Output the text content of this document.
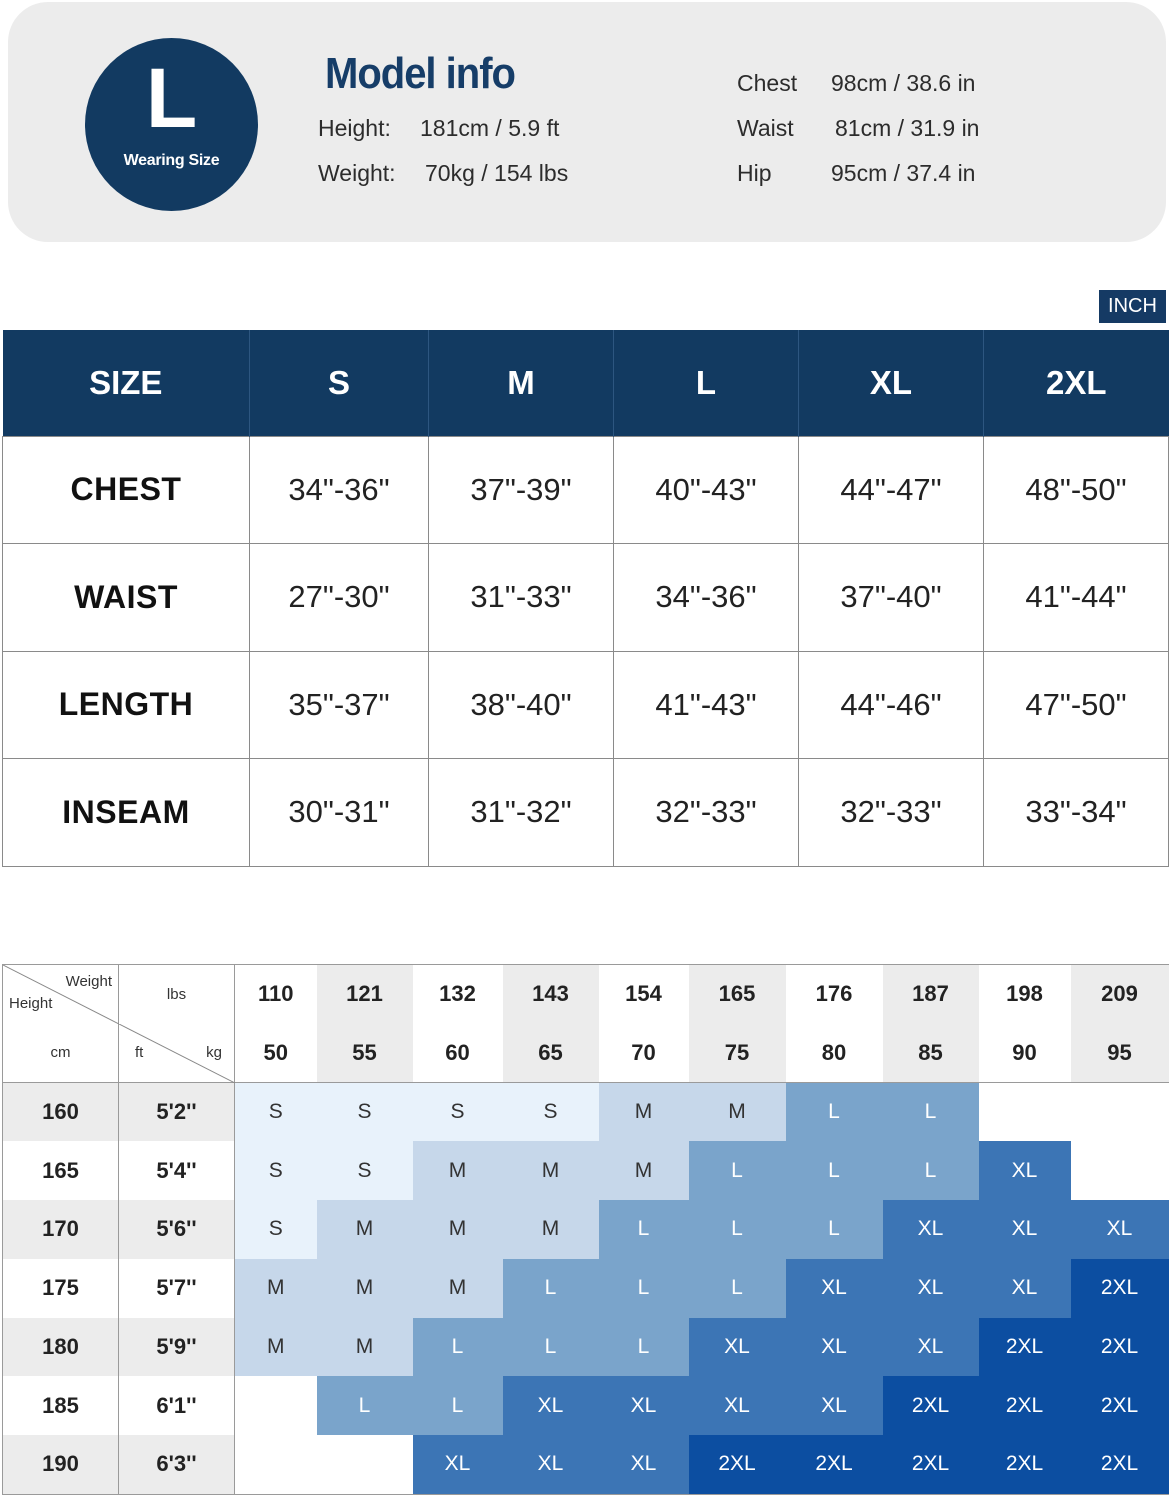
L
Wearing Size
Model info
Height: 181cm / 5.9 ft
Weight: 70kg / 154 lbs
Chest 98cm / 38.6 in
Waist 81cm / 31.9 in
Hip	95cm / 37.4 in
INCH
SIZE	S	M	L	XL	2XL
CHEST	34"-36"	37"-39"	40"-43"	44"-47"	48"-50"
WAIST	27"-30"	31"-33"	34"-36"	37"-40"	41"-44"
LENGTH	35"-37"	38"-40"	41"-43"	44"-46"	47"-50"
INSEAM	30"-31"	31"-32"	32"-33"	32"-33"	33"-34"
Weight
Height	lbs	110	121	132	143	154	165	176	187	198	209
cm	ft kg	50	55	60	65	70	75	80	85	90	95
160	5'2''	S	S	S	S	M	M	L	L		
165	5'4''	S	S	M	M	M	L	L	L	XL	
170	5'6''	S	M	M	M	L	L	L	XL	XL	XL
175	5'7''	M	M	M	L	L	L	XL	XL	XL	2XL
180	5'9''	M	M	L	L	L	XL	XL	XL	2XL	2XL
185	6'1''		L	L	XL	XL	XL	XL	2XL	2XL	2XL
190	6'3''			XL	XL	XL	2XL	2XL	2XL	2XL	2XL
